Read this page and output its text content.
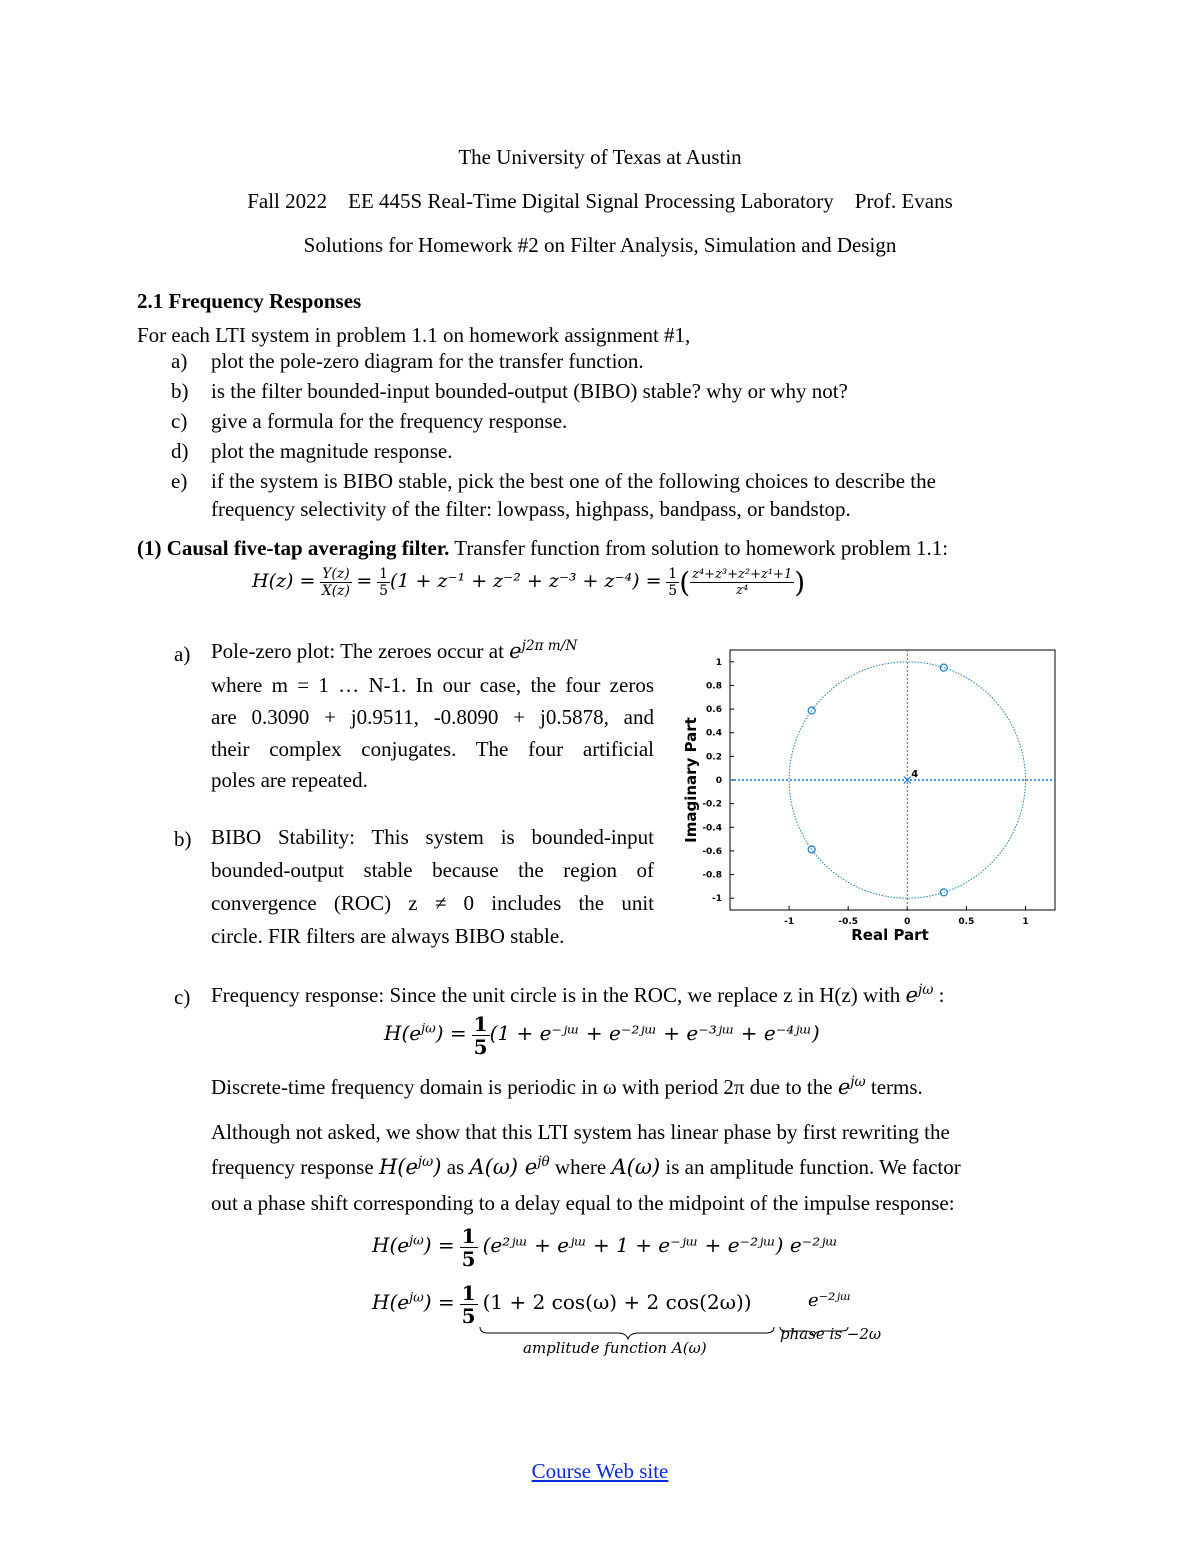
The University of Texas at Austin
Fall 2022    EE 445S Real-Time Digital Signal Processing Laboratory    Prof. Evans
Solutions for Homework #2 on Filter Analysis, Simulation and Design
2.1 Frequency Responses
For each LTI system in problem 1.1 on homework assignment #1,
a) plot the pole-zero diagram for the transfer function.
b) is the filter bounded-input bounded-output (BIBO) stable? why or why not?
c) give a formula for the frequency response.
d) plot the magnitude response.
e) if the system is BIBO stable, pick the best one of the following choices to describe the
frequency selectivity of the filter: lowpass, highpass, bandpass, or bandstop.
(1) Causal five-tap averaging filter. Transfer function from solution to homework problem 1.1:
$H(z) = \frac{Y(z)}{X(z)} = \frac{1}{5} (1 + z^{-1} + z^{-2} + z^{-3} + z^{-4}) = \frac{1}{5}$ ( $\frac{\text{z⁴+z³+z²+z¹+1}}{\text{z⁴}}$ )
a) Pole-zero plot: The zeroes occur at $e^{j2\pi m/N}$
where m = 1 … N-1. In our case, the four zeros
are 0.3090 + j0.9511, -0.8090 + j0.5878, and
their complex conjugates. The four artificial
poles are repeated.
b) BIBO Stability: This system is bounded-input
bounded-output stable because the region of
convergence (ROC) z ≠ 0 includes the unit
circle. FIR filters are always BIBO stable.
-1	-0.5	0	0.5	1
1
0.8
0.6
0.4
0.2
0
-0.2
-0.4
-0.6
-0.8
-1
4
Imaginary Part
Real Part
c) Frequency response: Since the unit circle is in the ROC, we replace z in H(z) with $e^{j\omega}$ :
$H(e^{j\omega}) = \frac{1}{5} (1$ + e⁻ʲᵚ + e⁻²ʲᵚ + e⁻³ʲᵚ + e⁻⁴ʲᵚ)
Discrete-time frequency domain is periodic in ω with period 2π due to the $e^{j\omega}$ terms.
Although not asked, we show that this LTI system has linear phase by first rewriting the
frequency response $H(e^{j\omega})$ as A(ω) $e^{j\theta}$ where A(ω) is an amplitude function. We factor
out a phase shift corresponding to a delay equal to the midpoint of the impulse response:
$H(e^{j\omega}) = \frac{1}{5}$ (e²ʲᵚ + eʲᵚ + 1 + e⁻ʲᵚ + e⁻²ʲᵚ) e⁻²ʲᵚ
$H(e^{j\omega}) = \frac{1}{5} (1 + 2$ cos(ω) + 2 cos(2ω))	e⁻²ʲᵚ
amplitude function A(ω)
phase is −2ω
Course Web site
